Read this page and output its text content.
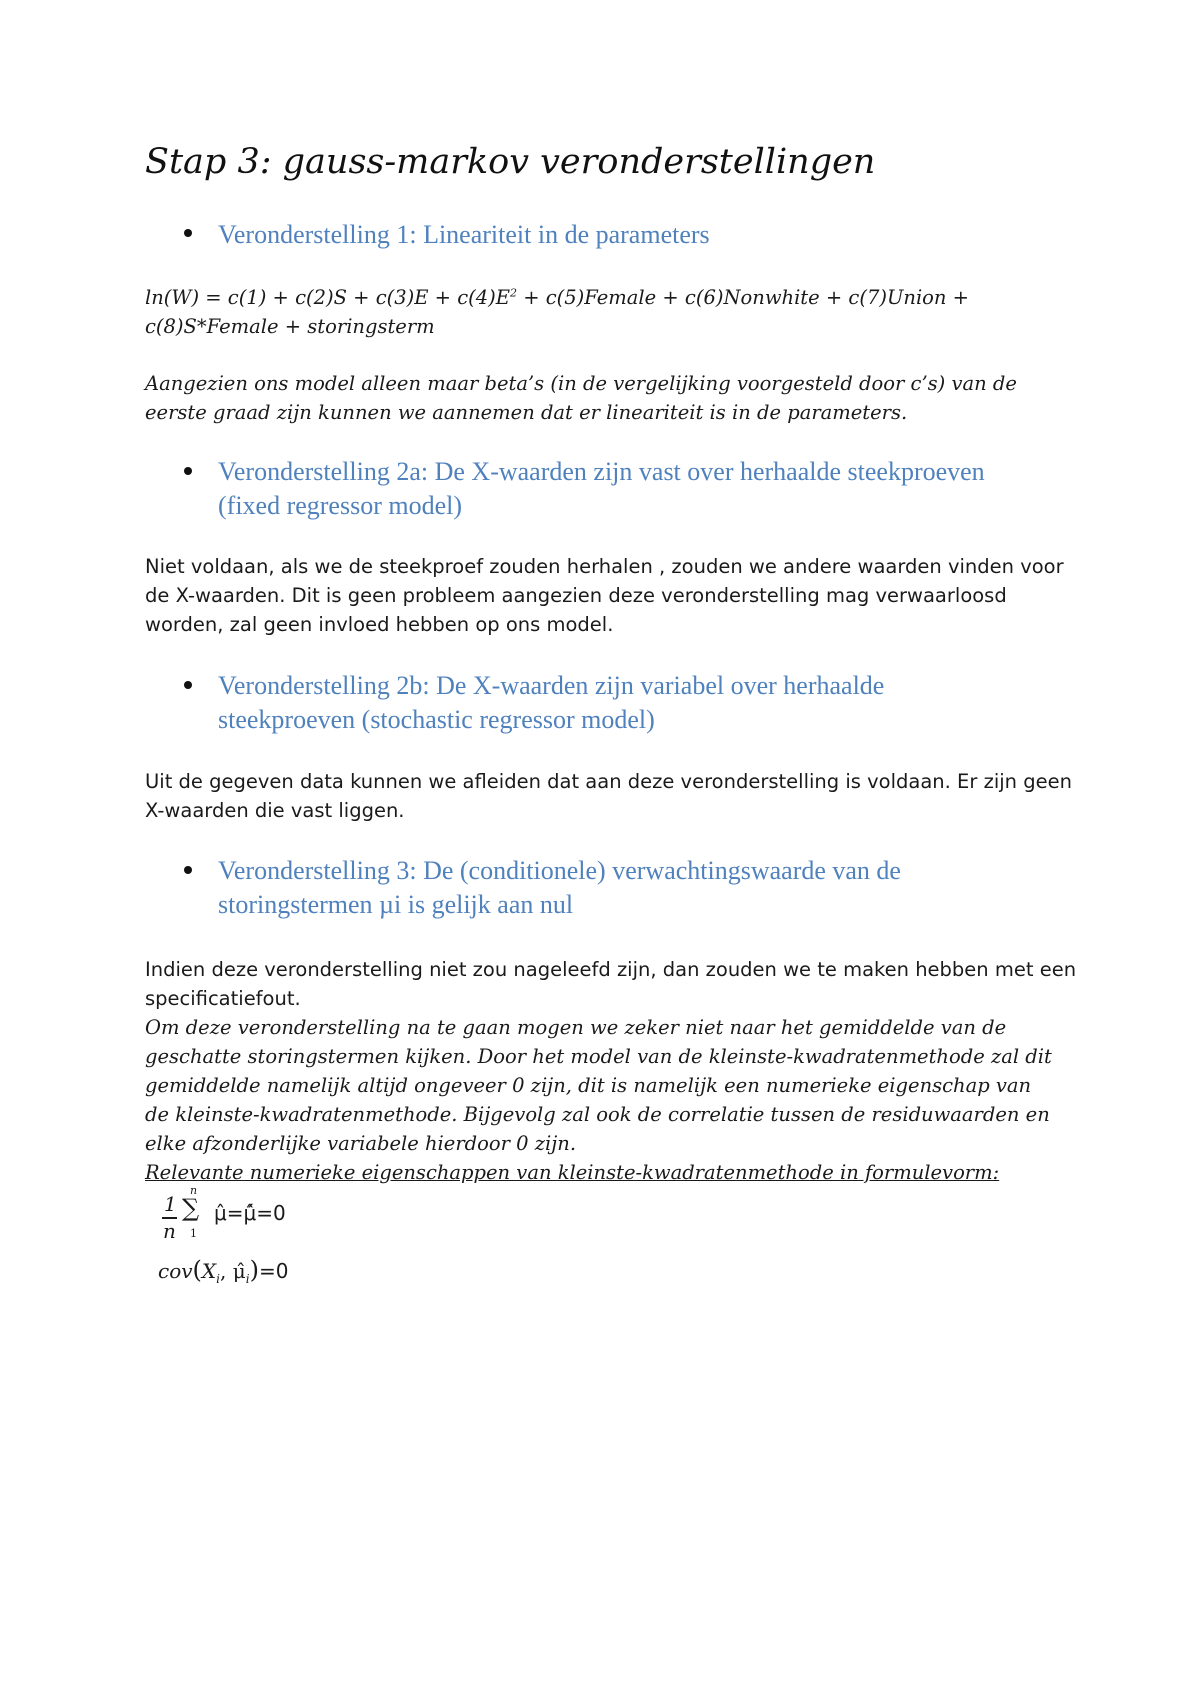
Stap 3: gauss-markov veronderstellingen
Veronderstelling 1: Lineariteit in de parameters
$\ln(W) = c(1) + c(2)S + c(3)E + c(4)E^2$ + c(5)Female + c(6)Nonwhite + c(7)Union +
c(8)S*Female + storingsterm
Aangezien ons model alleen maar beta’s (in de vergelijking voorgesteld door c’s) van de
eerste graad zijn kunnen we aannemen dat er lineariteit is in de parameters.
Veronderstelling 2a: De X-waarden zijn vast over herhaalde steekproeven
(fixed regressor model)
Niet voldaan, als we de steekproef zouden herhalen , zouden we andere waarden vinden voor
de X-waarden. Dit is geen probleem aangezien deze veronderstelling mag verwaarloosd
worden, zal geen invloed hebben op ons model.
Veronderstelling 2b: De X-waarden zijn variabel over herhaalde
steekproeven (stochastic regressor model)
Uit de gegeven data kunnen we afleiden dat aan deze veronderstelling is voldaan. Er zijn geen
X-waarden die vast liggen.
Veronderstelling 3: De (conditionele) verwachtingswaarde van de
storingstermen µi is gelijk aan nul
Indien deze veronderstelling niet zou nageleefd zijn, dan zouden we te maken hebben met een
specificatiefout.
Om deze veronderstelling na te gaan mogen we zeker niet naar het gemiddelde van de
geschatte storingstermen kijken. Door het model van de kleinste-kwadratenmethode zal dit
gemiddelde namelijk altijd ongeveer 0 zijn, dit is namelijk een numerieke eigenschap van
de kleinste-kwadratenmethode. Bijgevolg zal ook de correlatie tussen de residuwaarden en
elke afzonderlijke variabele hierdoor 0 zijn.
Relevante numerieke eigenschappen van kleinste-kwadratenmethode in formulevorm:
1
n
n
∑
1
μ̂=μ̂́=0
$cov(X_i$, $\mû_i)=0$
